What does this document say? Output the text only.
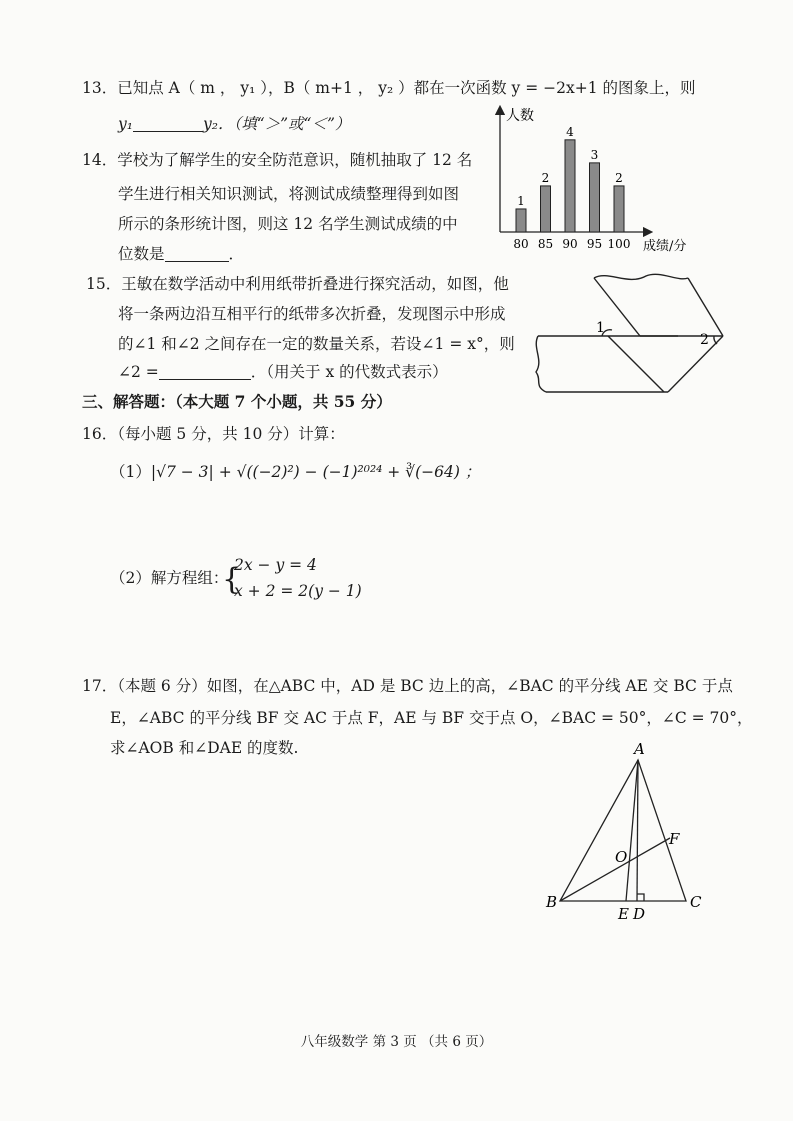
13．已知点 A（ m ， y₁ ），B（ m+1 ， y₂ ）都在一次函数 y = −2x+1 的图象上，则
y₁	y₂．（填“＞”或“＜”）
14．学校为了解学生的安全防范意识，随机抽取了 12 名
学生进行相关知识测试，将测试成绩整理得到如图
所示的条形统计图，则这 12 名学生测试成绩的中
位数是	．
人数
成绩/分
1
80
2
85
4
90
3
95
2
100
15．王敏在数学活动中利用纸带折叠进行探究活动，如图，他
将一条两边沿互相平行的纸带多次折叠，发现图示中形成
的∠1 和∠2 之间存在一定的数量关系，若设∠1 = x°，则
∠2 =	．（用关于 x 的代数式表示）
1
2
三、解答题：（本大题 7 个小题，共 55 分）
16．（每小题 5 分，共 10 分）计算：
（1）|√7 − 3| + √((−2)²) − (−1)²⁰²⁴ + ∛(−64) ；
（2）解方程组：
{
2x − y = 4
x + 2 = 2(y − 1)
17．（本题 6 分）如图，在△ABC 中，AD 是 BC 边上的高，∠BAC 的平分线 AE 交 BC 于点
E，∠ABC 的平分线 BF 交 AC 于点 F，AE 与 BF 交于点 O，∠BAC = 50°，∠C = 70°，
求∠AOB 和∠DAE 的度数.	A
B	C
D
E
F
O
八年级数学 第 3 页 （共 6 页）
